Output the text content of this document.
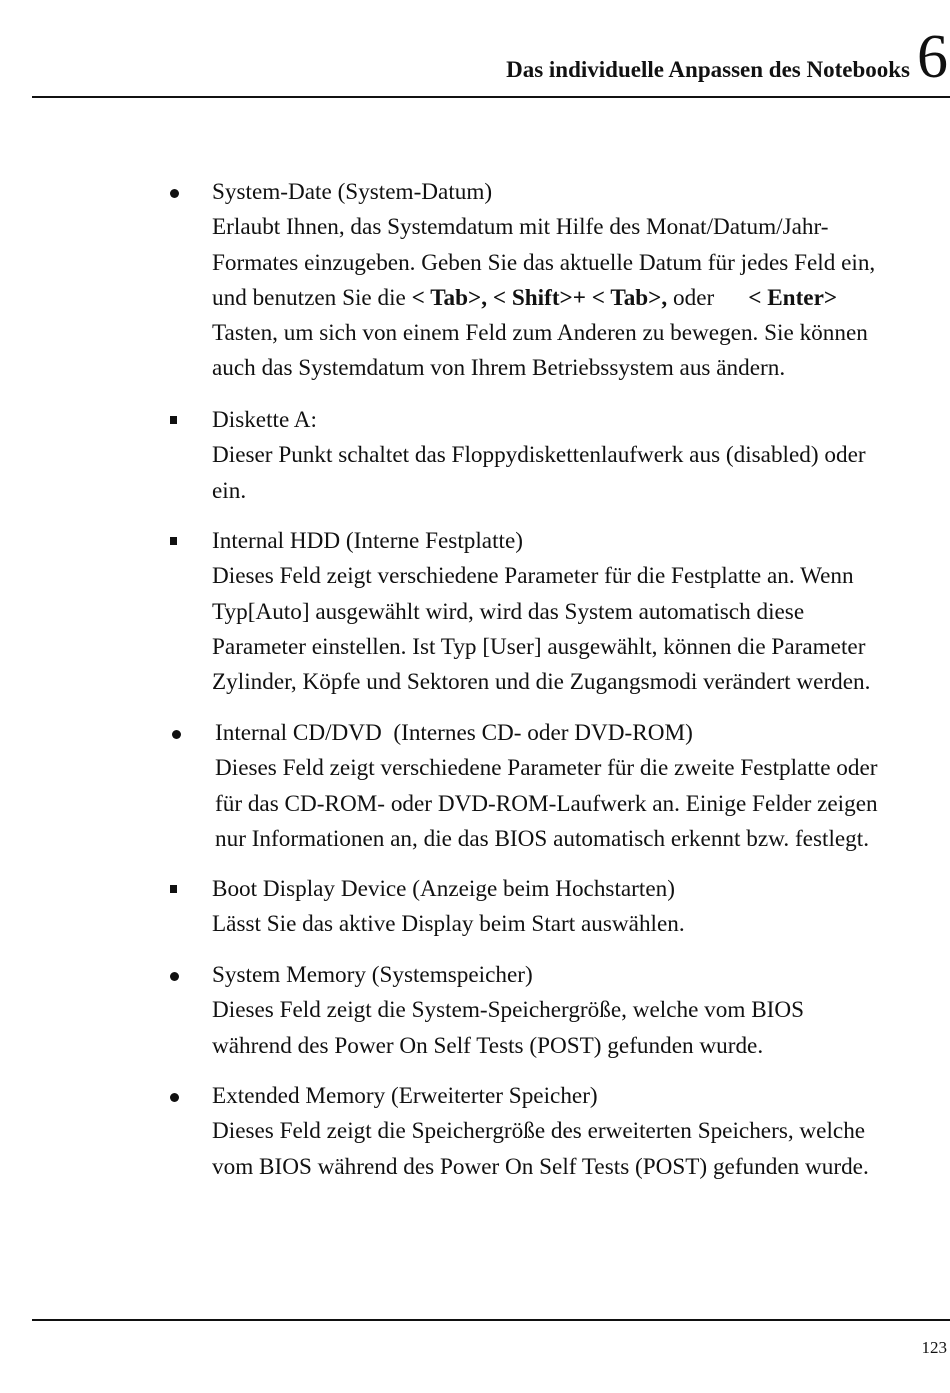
Das individuelle Anpassen des Notebooks 6
System-Date (System-Datum)
Erlaubt Ihnen, das Systemdatum mit Hilfe des Monat/Datum/Jahr-
Formates einzugeben. Geben Sie das aktuelle Datum für jedes Feld ein,
und benutzen Sie die < Tab>, < Shift>+ < Tab>, oder < Enter>
Tasten, um sich von einem Feld zum Anderen zu bewegen. Sie können
auch das Systemdatum von Ihrem Betriebssystem aus ändern.
Diskette A:
Dieser Punkt schaltet das Floppydiskettenlaufwerk aus (disabled) oder
ein.
Internal HDD (Interne Festplatte)
Dieses Feld zeigt verschiedene Parameter für die Festplatte an. Wenn
Typ[Auto] ausgewählt wird, wird das System automatisch diese
Parameter einstellen. Ist Typ [User] ausgewählt, können die Parameter
Zylinder, Köpfe und Sektoren und die Zugangsmodi verändert werden.
Internal CD/DVD  (Internes CD- oder DVD-ROM)
Dieses Feld zeigt verschiedene Parameter für die zweite Festplatte oder
für das CD-ROM- oder DVD-ROM-Laufwerk an. Einige Felder zeigen
nur Informationen an, die das BIOS automatisch erkennt bzw. festlegt.
Boot Display Device (Anzeige beim Hochstarten)
Lässt Sie das aktive Display beim Start auswählen.
System Memory (Systemspeicher)
Dieses Feld zeigt die System-Speichergröße, welche vom BIOS
während des Power On Self Tests (POST) gefunden wurde.
Extended Memory (Erweiterter Speicher)
Dieses Feld zeigt die Speichergröße des erweiterten Speichers, welche
vom BIOS während des Power On Self Tests (POST) gefunden wurde.
123
